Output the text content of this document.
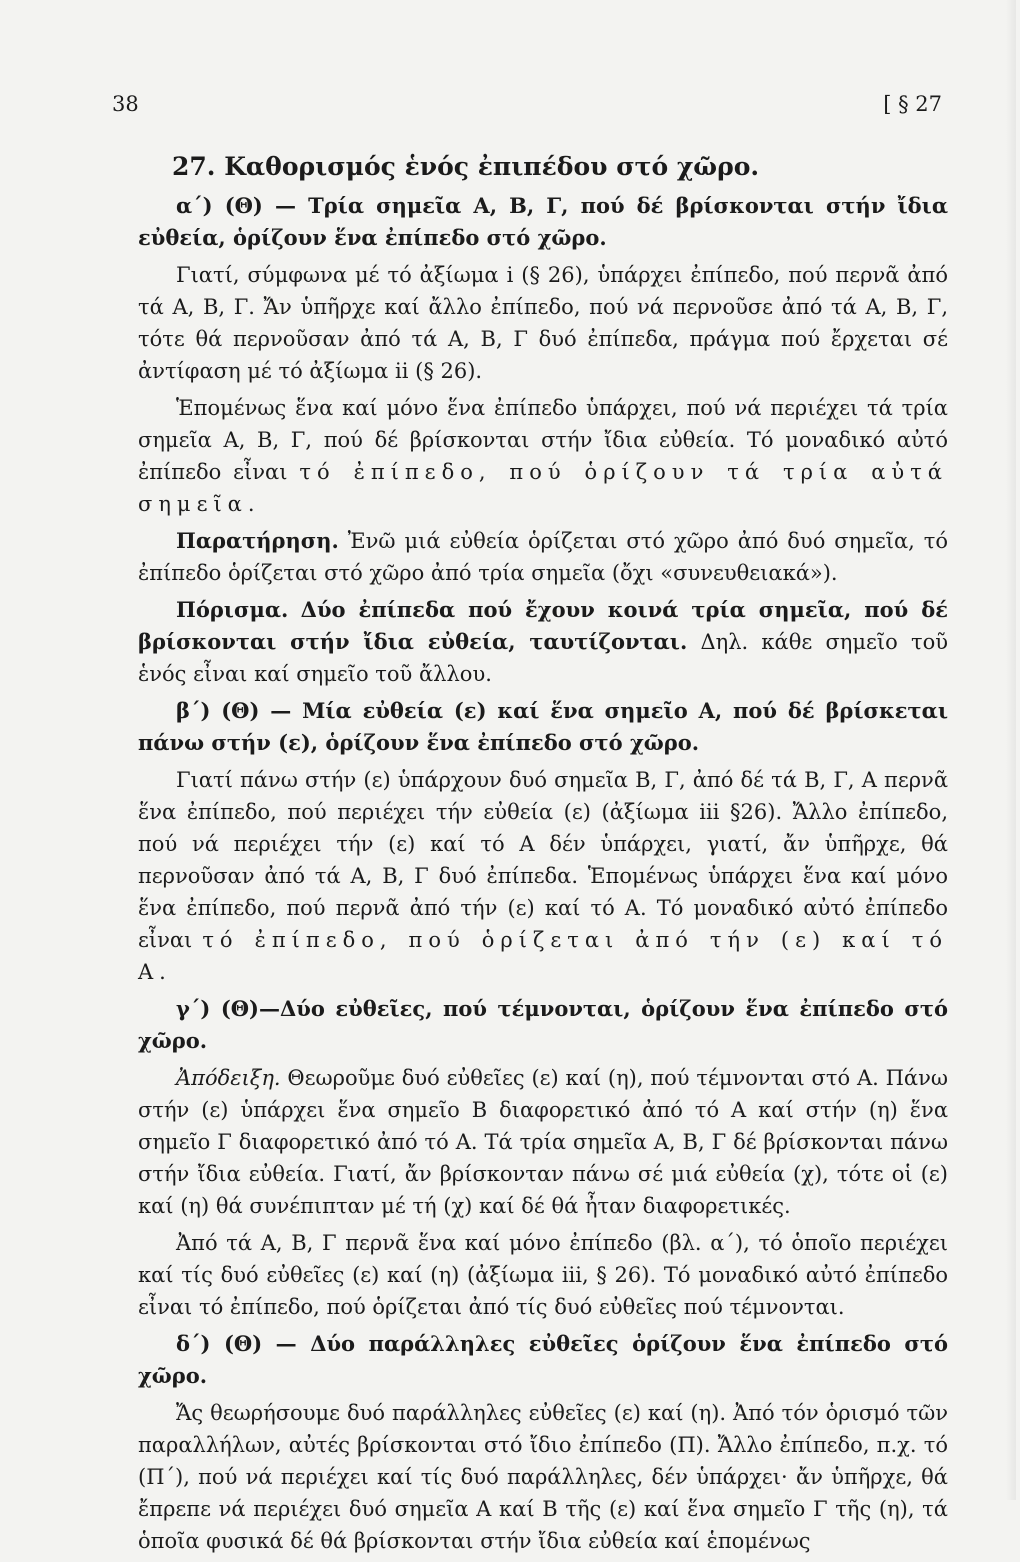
38	[ § 27
27. Καθορισμός ἑνός ἐπιπέδου στό χῶρο.

α΄) (Θ) — Τρία σημεῖα Α, Β, Γ, πού δέ βρίσκονται στήν ἴδια εὐθεία, ὁρίζουν ἕνα ἐπίπεδο στό χῶρο.

Γιατί, σύμφωνα μέ τό ἀξίωμα i (§ 26), ὑπάρχει ἐπίπεδο, πού περνᾶ ἀπό τά Α, Β, Γ. Ἄν ὑπῆρχε καί ἄλλο ἐπίπεδο, πού νά περνοῦσε ἀπό τά Α, Β, Γ, τότε θά περνοῦσαν ἀπό τά Α, Β, Γ δυό ἐπίπεδα, πράγμα πού ἔρχεται σέ ἀντίφαση μέ τό ἀξίωμα ii (§ 26).

Ἑπομένως ἕνα καί μόνο ἕνα ἐπίπεδο ὑπάρχει, πού νά περιέχει τά τρία σημεῖα Α, Β, Γ, πού δέ βρίσκονται στήν ἴδια εὐθεία. Τό μοναδικό αὐτό ἐπίπεδο εἶναι τό ἐπίπεδο, πού ὁρίζουν τά τρία αὐτά σημεῖα.

Παρατήρηση. Ἐνῶ μιά εὐθεία ὁρίζεται στό χῶρο ἀπό δυό σημεῖα, τό ἐπίπεδο ὁρίζεται στό χῶρο ἀπό τρία σημεῖα (ὄχι «συνευθειακά»).

Πόρισμα. Δύο ἐπίπεδα πού ἔχουν κοινά τρία σημεῖα, πού δέ βρίσκονται στήν ἴδια εὐθεία, ταυτίζονται. Δηλ. κάθε σημεῖο τοῦ ἑνός εἶναι καί σημεῖο τοῦ ἄλλου.

β΄) (Θ) — Μία εὐθεία (ε) καί ἕνα σημεῖο Α, πού δέ βρίσκεται πάνω στήν (ε), ὁρίζουν ἕνα ἐπίπεδο στό χῶρο.

Γιατί πάνω στήν (ε) ὑπάρχουν δυό σημεῖα Β, Γ, ἀπό δέ τά Β, Γ, Α περνᾶ ἕνα ἐπίπεδο, πού περιέχει τήν εὐθεία (ε) (ἀξίωμα iii §26). Ἄλλο ἐπίπεδο, πού νά περιέχει τήν (ε) καί τό Α δέν ὑπάρχει, γιατί, ἄν ὑπῆρχε, θά περνοῦσαν ἀπό τά Α, Β, Γ δυό ἐπίπεδα. Ἑπομένως ὑπάρχει ἕνα καί μόνο ἕνα ἐπίπεδο, πού περνᾶ ἀπό τήν (ε) καί τό Α. Τό μοναδικό αὐτό ἐπίπεδο εἶναι τό ἐπίπεδο, πού ὁρίζεται ἀπό τήν (ε) καί τό Α.

γ΄) (Θ)—Δύο εὐθεῖες, πού τέμνονται, ὁρίζουν ἕνα ἐπίπεδο στό χῶρο.

Ἀπόδειξη. Θεωροῦμε δυό εὐθεῖες (ε) καί (η), πού τέμνονται στό Α. Πάνω στήν (ε) ὑπάρχει ἕνα σημεῖο Β διαφορετικό ἀπό τό Α καί στήν (η) ἕνα σημεῖο Γ διαφορετικό ἀπό τό Α. Τά τρία σημεῖα Α, Β, Γ δέ βρίσκονται πάνω στήν ἴδια εὐθεία. Γιατί, ἄν βρίσκονταν πάνω σέ μιά εὐθεία (χ), τότε οἱ (ε) καί (η) θά συνέπιπταν μέ τή (χ) καί δέ θά ἦταν διαφορετικές.

Ἀπό τά Α, Β, Γ περνᾶ ἕνα καί μόνο ἐπίπεδο (βλ. α΄), τό ὁποῖο περιέχει καί τίς δυό εὐθεῖες (ε) καί (η) (ἀξίωμα iii, § 26). Τό μοναδικό αὐτό ἐπίπεδο εἶναι τό ἐπίπεδο, πού ὁρίζεται ἀπό τίς δυό εὐθεῖες πού τέμνονται.

δ΄) (Θ) — Δύο παράλληλες εὐθεῖες ὁρίζουν ἕνα ἐπίπεδο στό χῶρο.

Ἄς θεωρήσουμε δυό παράλληλες εὐθεῖες (ε) καί (η). Ἀπό τόν ὁρισμό τῶν παραλλήλων, αὐτές βρίσκονται στό ἴδιο ἐπίπεδο (Π). Ἄλλο ἐπίπεδο, π.χ. τό (Π΄), πού νά περιέχει καί τίς δυό παράλληλες, δέν ὑπάρχει· ἄν ὑπῆρχε, θά ἔπρεπε νά περιέχει δυό σημεῖα Α καί Β τῆς (ε) καί ἕνα σημεῖο Γ τῆς (η), τά ὁποῖα φυσικά δέ θά βρίσκονται στήν ἴδια εὐθεία καί ἑπομένως
